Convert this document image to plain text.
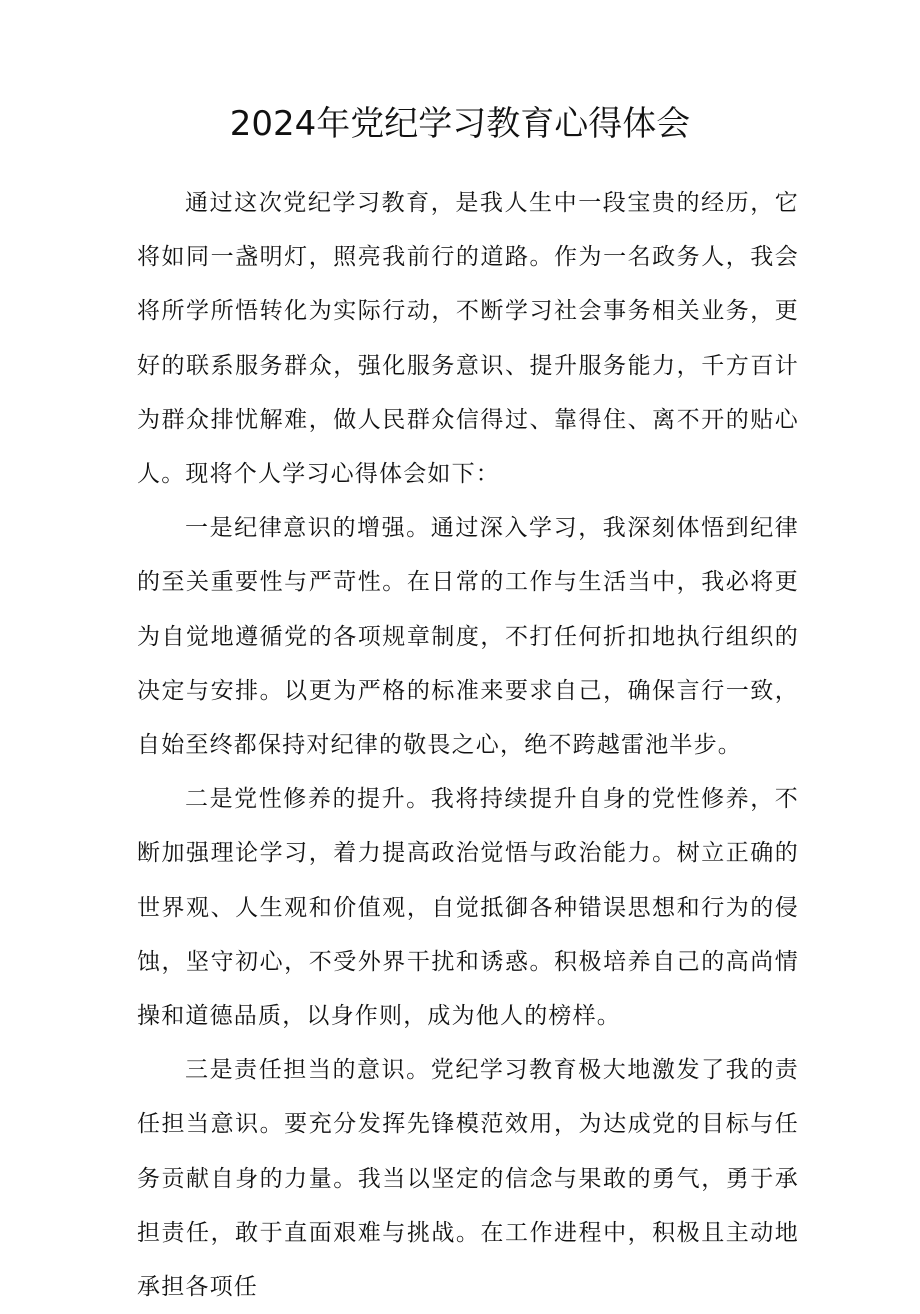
2024年党纪学习教育心得体会

通过这次党纪学习教育，是我人生中一段宝贵的经历，它将如同一盏明灯，照亮我前行的道路。作为一名政务人，我会将所学所悟转化为实际行动，不断学习社会事务相关业务，更好的联系服务群众，强化服务意识、提升服务能力，千方百计为群众排忧解难，做人民群众信得过、靠得住、离不开的贴心人。现将个人学习心得体会如下：

一是纪律意识的增强。通过深入学习，我深刻体悟到纪律的至关重要性与严苛性。在日常的工作与生活当中，我必将更为自觉地遵循党的各项规章制度，不打任何折扣地执行组织的决定与安排。以更为严格的标准来要求自己，确保言行一致，自始至终都保持对纪律的敬畏之心，绝不跨越雷池半步。

二是党性修养的提升。我将持续提升自身的党性修养，不断加强理论学习，着力提高政治觉悟与政治能力。树立正确的世界观、人生观和价值观，自觉抵御各种错误思想和行为的侵蚀，坚守初心，不受外界干扰和诱惑。积极培养自己的高尚情操和道德品质，以身作则，成为他人的榜样。

三是责任担当的意识。党纪学习教育极大地激发了我的责任担当意识。要充分发挥先锋模范效用，为达成党的目标与任务贡献自身的力量。我当以坚定的信念与果敢的勇气，勇于承担责任，敢于直面艰难与挑战。在工作进程中，积极且主动地承担各项任
